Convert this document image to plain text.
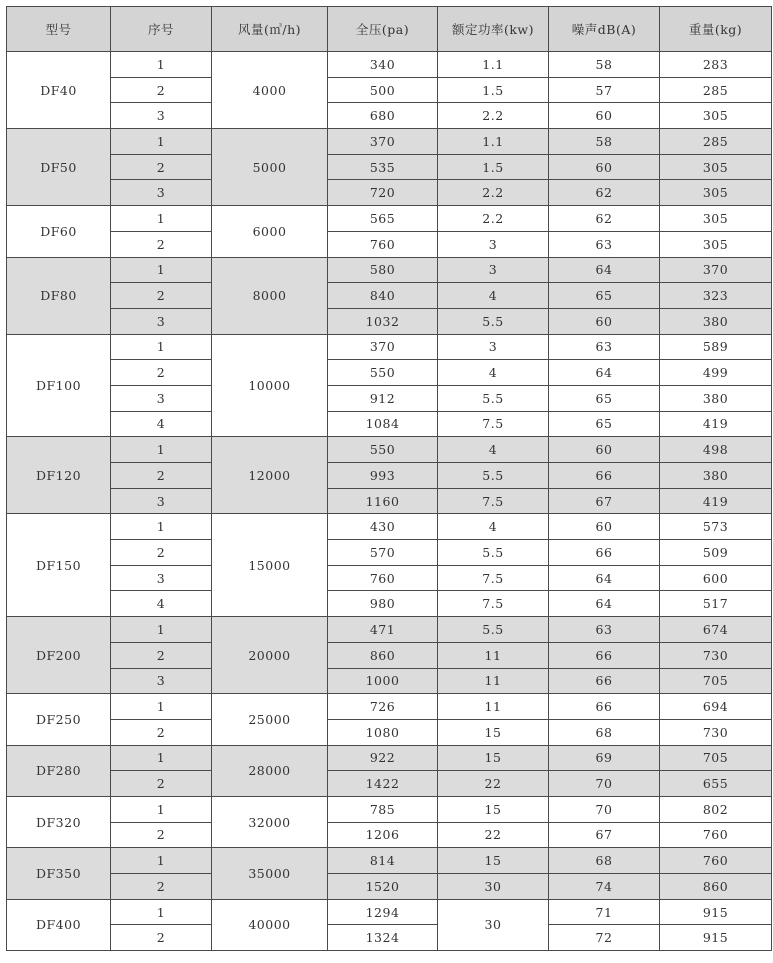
型号	序号	风量(㎥/h)	全压(pa)	额定功率(kw)	噪声dB(A)	重量(kg)
DF40	1	4000	340	1.1	58	283
	2		500	1.5	57	285
	3		680	2.2	60	305
DF50	1	5000	370	1.1	58	285
	2		535	1.5	60	305
	3		720	2.2	62	305
DF60	1	6000	565	2.2	62	305
	2		760	3	63	305
DF80	1	8000	580	3	64	370
	2		840	4	65	323
	3		1032	5.5	60	380
DF100	1	10000	370	3	63	589
	2		550	4	64	499
	3		912	5.5	65	380
	4		1084	7.5	65	419
DF120	1	12000	550	4	60	498
	2		993	5.5	66	380
	3		1160	7.5	67	419
DF150	1	15000	430	4	60	573
	2		570	5.5	66	509
	3		760	7.5	64	600
	4		980	7.5	64	517
DF200	1	20000	471	5.5	63	674
	2		860	11	66	730
	3		1000	11	66	705
DF250	1	25000	726	11	66	694
	2		1080	15	68	730
DF280	1	28000	922	15	69	705
	2		1422	22	70	655
DF320	1	32000	785	15	70	802
	2		1206	22	67	760
DF350	1	35000	814	15	68	760
	2		1520	30	74	860
DF400	1	40000	1294	30	71	915
	2		1324		72	915
